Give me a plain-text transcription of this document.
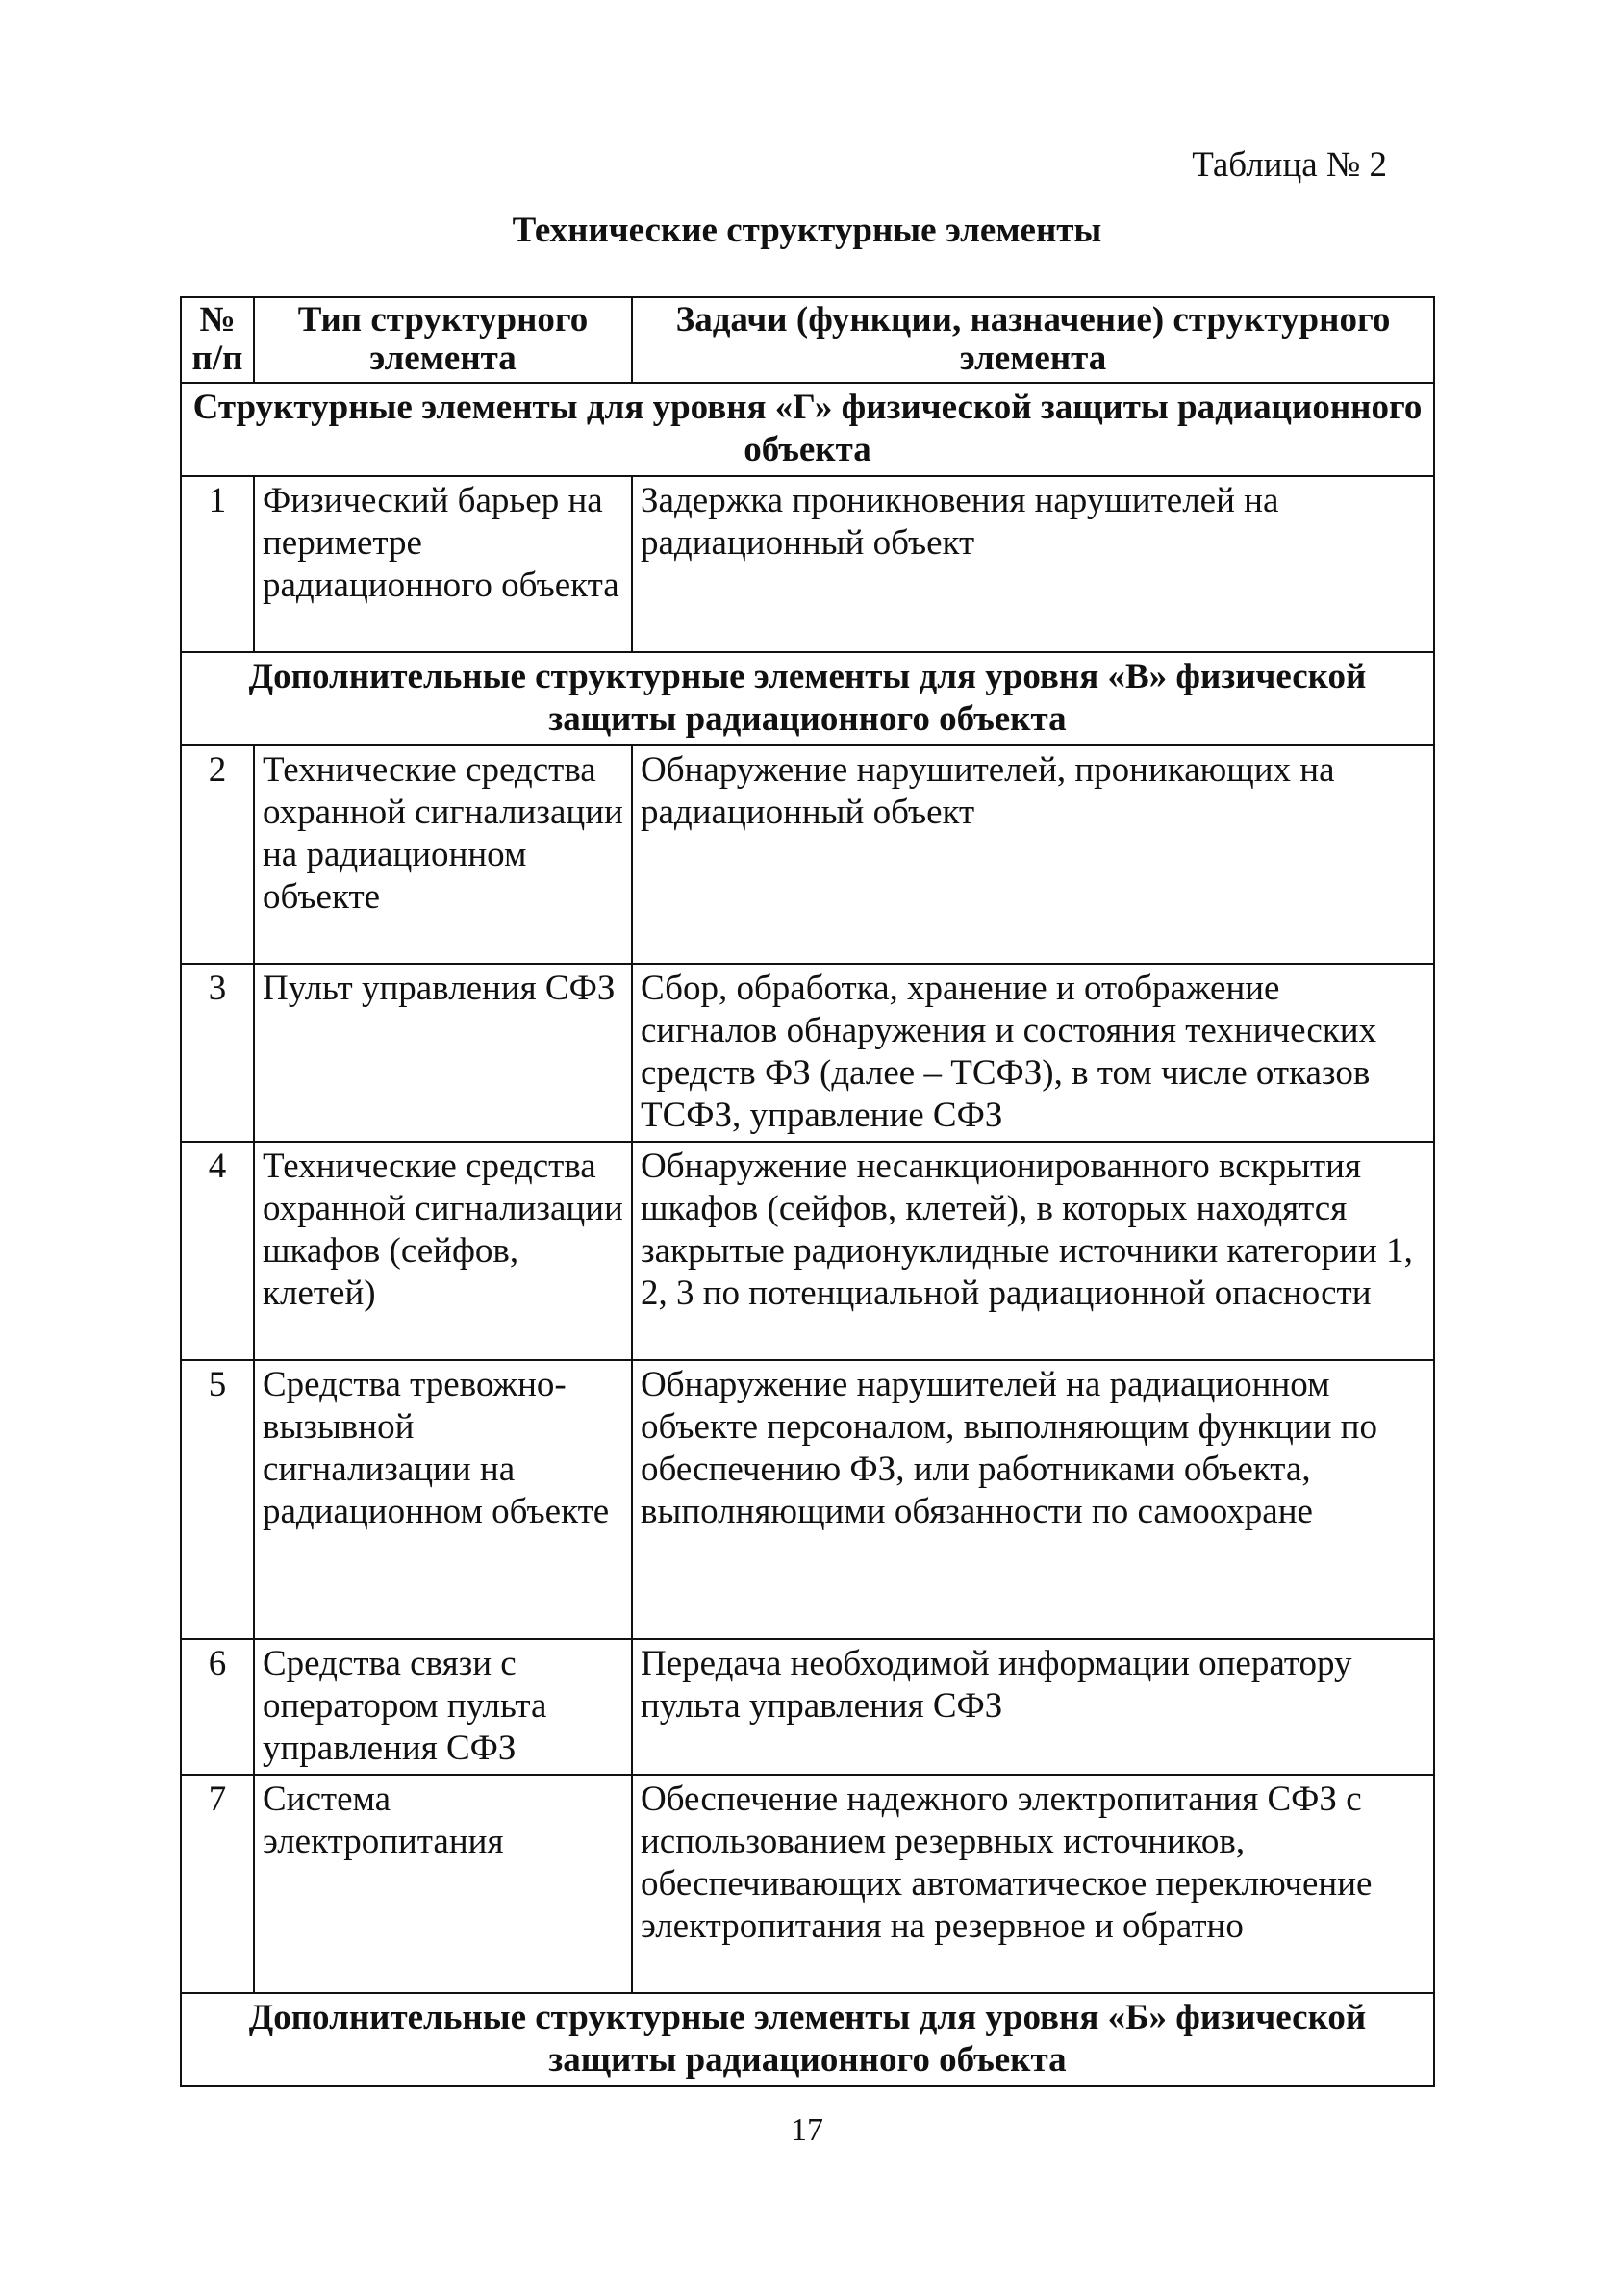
Таблица № 2
Технические структурные элементы
№ п/п	Тип структурного элемента	Задачи (функции, назначение) структурного элемента
Структурные элементы для уровня «Г» физической защиты радиационного объекта		
1	Физический барьер на периметре радиационного объекта	Задержка проникновения нарушителей на радиационный объект
Дополнительные структурные элементы для уровня «В» физической защиты радиационного объекта		
2	Технические средства охранной сигнализации на радиационном объекте	Обнаружение нарушителей, проникающих на радиационный объект
3	Пульт управления СФЗ	Сбор, обработка, хранение и отображение сигналов обнаружения и состояния технических средств ФЗ (далее – ТСФЗ), в том числе отказов ТСФЗ, управление СФЗ
4	Технические средства охранной сигнализации шкафов (сейфов, клетей)	Обнаружение несанкционированного вскрытия шкафов (сейфов, клетей), в которых находятся закрытые радионуклидные источники категории 1, 2, 3 по потенциальной радиационной опасности
5	Средства тревожно-вызывной сигнализации на радиационном объекте	Обнаружение нарушителей на радиационном объекте персоналом, выполняющим функции по обеспечению ФЗ, или работниками объекта, выполняющими обязанности по самоохране
6	Средства связи с оператором пульта управления СФЗ	Передача необходимой информации оператору пульта управления СФЗ
7	Система электропитания	Обеспечение надежного электропитания СФЗ с использованием резервных источников, обеспечивающих автоматическое переключение электропитания на резервное и обратно
Дополнительные структурные элементы для уровня «Б» физической защиты радиационного объекта		
17
